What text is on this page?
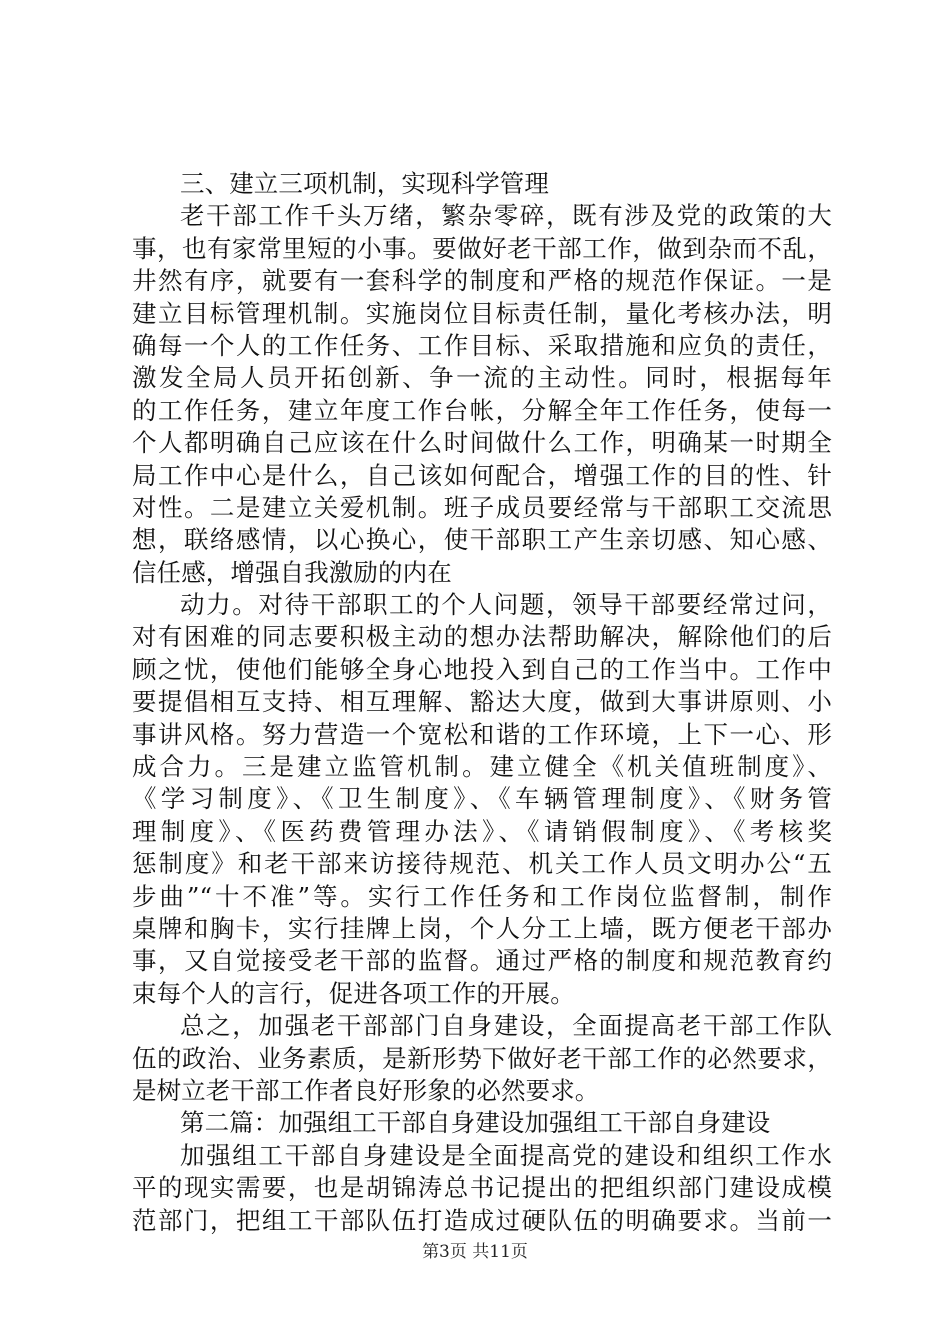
三、建立三项机制，实现科学管理
老干部工作千头万绪，繁杂零碎，既有涉及党的政策的大
事，也有家常里短的小事。要做好老干部工作，做到杂而不乱，
井然有序，就要有一套科学的制度和严格的规范作保证。一是
建立目标管理机制。实施岗位目标责任制，量化考核办法，明
确每一个人的工作任务、工作目标、采取措施和应负的责任，
激发全局人员开拓创新、争一流的主动性。同时，根据每年
的工作任务，建立年度工作台帐，分解全年工作任务，使每一
个人都明确自己应该在什么时间做什么工作，明确某一时期全
局工作中心是什么，自己该如何配合，增强工作的目的性、针
对性。二是建立关爱机制。班子成员要经常与干部职工交流思
想，联络感情，以心换心，使干部职工产生亲切感、知心感、
信任感，增强自我激励的内在
动力。对待干部职工的个人问题，领导干部要经常过问，
对有困难的同志要积极主动的想办法帮助解决，解除他们的后
顾之忧，使他们能够全身心地投入到自己的工作当中。工作中
要提倡相互支持、相互理解、豁达大度，做到大事讲原则、小
事讲风格。努力营造一个宽松和谐的工作环境，上下一心、形
成合力。三是建立监管机制。建立健全《机关值班制度》、
《学习制度》、《卫生制度》、《车辆管理制度》、《财务管
理制度》、《医药费管理办法》、《请销假制度》、《考核奖
惩制度》和老干部来访接待规范、机关工作人员文明办公“五
步曲”“十不准”等。实行工作任务和工作岗位监督制，制作
桌牌和胸卡，实行挂牌上岗，个人分工上墙，既方便老干部办
事，又自觉接受老干部的监督。通过严格的制度和规范教育约
束每个人的言行，促进各项工作的开展。
总之，加强老干部部门自身建设，全面提高老干部工作队
伍的政治、业务素质，是新形势下做好老干部工作的必然要求，
是树立老干部工作者良好形象的必然要求。
第二篇：加强组工干部自身建设加强组工干部自身建设
加强组工干部自身建设是全面提高党的建设和组织工作水
平的现实需要，也是胡锦涛总书记提出的把组织部门建设成模
范部门，把组工干部队伍打造成过硬队伍的明确要求。当前一
第3页 共11页
